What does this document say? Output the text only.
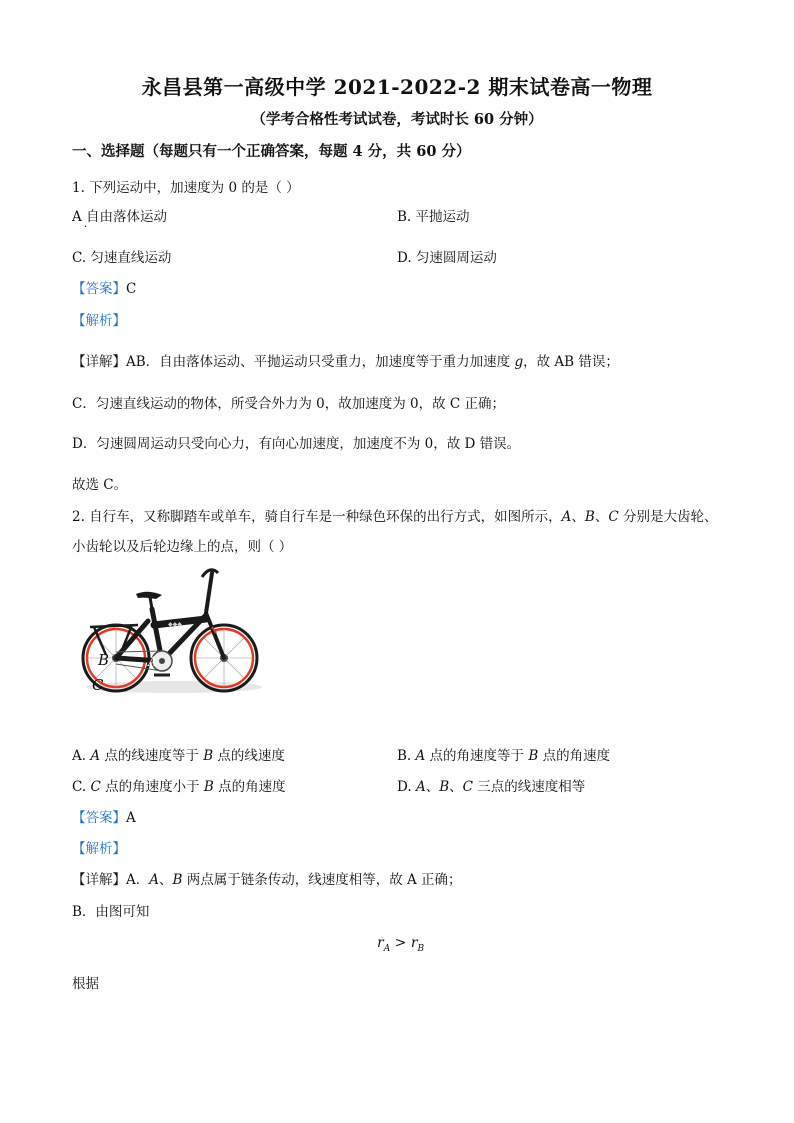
永昌县第一高级中学 2021-2022-2 期末试卷高一物理
（学考合格性考试试卷，考试时长 60 分钟）
一、选择题（每题只有一个正确答案，每题 4 分，共 60 分）
1. 下列运动中，加速度为 0 的是（ ）
A 自由落体运动
·
B. 平抛运动
C. 匀速直线运动	D. 匀速圆周运动
【答案】C
【解析】
【详解】AB．自由落体运动、平抛运动只受重力，加速度等于重力加速度 g，故 AB 错误；
C．匀速直线运动的物体，所受合外力为 0，故加速度为 0，故 C 正确；
D．匀速圆周运动只受向心力，有向心加速度，加速度不为 0，故 D 错误。
故选 C。
2. 自行车，又称脚踏车或单车，骑自行车是一种绿色环保的出行方式，如图所示，A、B、C 分别是大齿轮、
小齿轮以及后轮边缘上的点，则（ ）
◆◆◆
B	A
C
A. A 点的线速度等于 B 点的线速度	B. A 点的角速度等于 B 点的角速度
C. C 点的角速度小于 B 点的角速度	D. A、B、C 三点的线速度相等
【答案】A
【解析】
【详解】A．A、B 两点属于链条传动，线速度相等，故 A 正确；
B．由图可知
$r_A > r_B$
根据
